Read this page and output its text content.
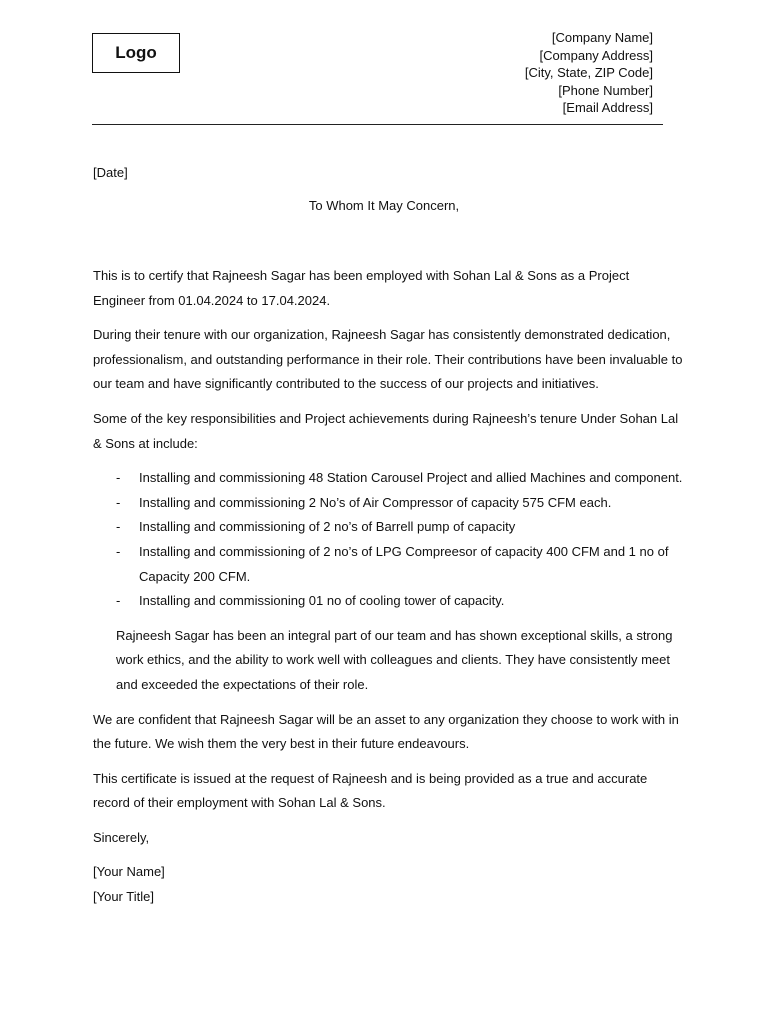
Logo
[Company Name]
[Company Address]
[City, State, ZIP Code]
[Phone Number]
[Email Address]
[Date]
To Whom It May Concern,

This is to certify that Rajneesh Sagar has been employed with Sohan Lal & Sons as a Project Engineer from 01.04.2024 to 17.04.2024.

During their tenure with our organization, Rajneesh Sagar has consistently demonstrated dedication, professionalism, and outstanding performance in their role. Their contributions have been invaluable to our team and have significantly contributed to the success of our projects and initiatives.

Some of the key responsibilities and Project achievements during Rajneesh’s tenure Under Sohan Lal & Sons at include:

- Installing and commissioning 48 Station Carousel Project and allied Machines and component.
- Installing and commissioning 2 No’s of Air Compressor of capacity 575 CFM each.
- Installing and commissioning of 2 no’s of Barrell pump of capacity
- Installing and commissioning of 2 no’s of LPG Compreesor of capacity 400 CFM and 1 no of Capacity 200 CFM.
- Installing and commissioning 01 no of cooling tower of capacity.

Rajneesh Sagar has been an integral part of our team and has shown exceptional skills, a strong work ethics, and the ability to work well with colleagues and clients. They have consistently meet and exceeded the expectations of their role.

We are confident that Rajneesh Sagar will be an asset to any organization they choose to work with in the future. We wish them the very best in their future endeavours.

This certificate is issued at the request of Rajneesh and is being provided as a true and accurate record of their employment with Sohan Lal & Sons.

Sincerely,

[Your Name]
[Your Title]
